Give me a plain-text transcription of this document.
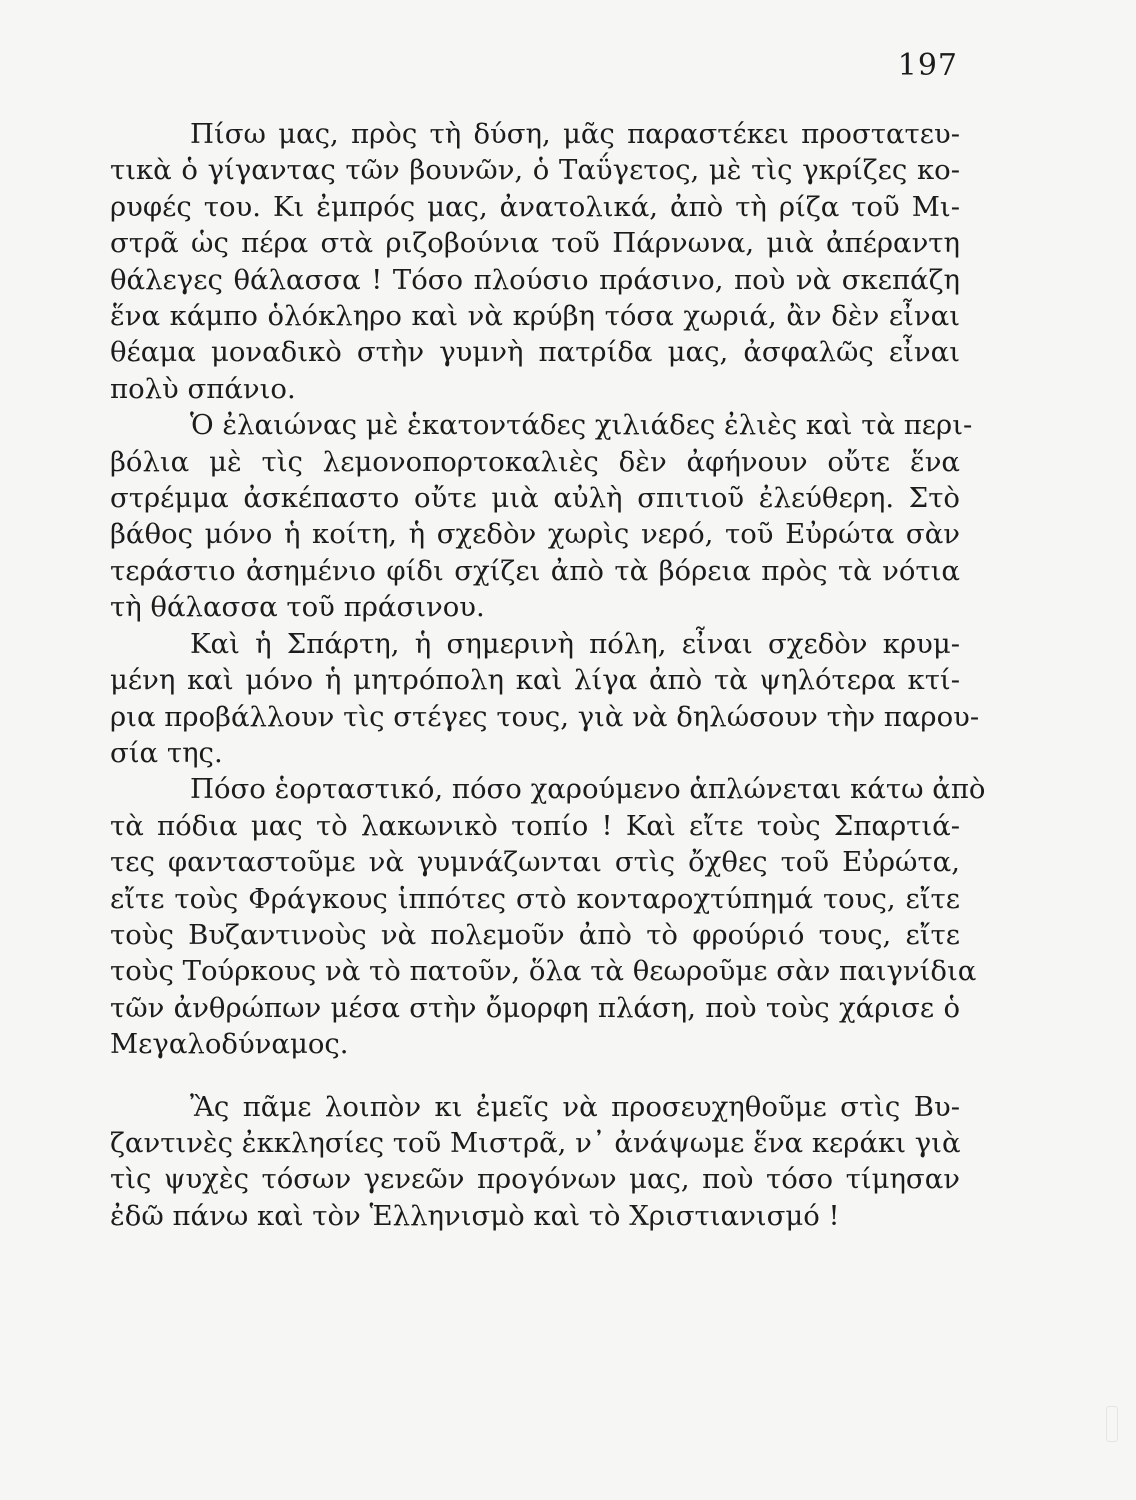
197
Πίσω μας, πρὸς τὴ δύση, μᾶς παραστέκει προστατευ-
τικὰ ὁ γίγαντας τῶν βουνῶν, ὁ Ταΰγετος, μὲ τὶς γκρίζες κο-
ρυφές του. Κι ἐμπρός μας, ἀνατολικά, ἀπὸ τὴ ρίζα τοῦ Μι-
στρᾶ ὡς πέρα στὰ ριζοβούνια τοῦ Πάρνωνα, μιὰ ἀπέραντη
θάλεγες θάλασσα ! Τόσο πλούσιο πράσινο, ποὺ νὰ σκεπάζη
ἕνα κάμπο ὁλόκληρο καὶ νὰ κρύβη τόσα χωριά, ἂν δὲν εἶναι
θέαμα μοναδικὸ στὴν γυμνὴ πατρίδα μας, ἀσφαλῶς εἶναι
πολὺ σπάνιο.
Ὁ ἐλαιώνας μὲ ἑκατοντάδες χιλιάδες ἐλιὲς καὶ τὰ περι-
βόλια μὲ τὶς λεμονοπορτοκαλιὲς δὲν ἀφήνουν οὔτε ἕνα
στρέμμα ἀσκέπαστο οὔτε μιὰ αὐλὴ σπιτιοῦ ἐλεύθερη. Στὸ
βάθος μόνο ἡ κοίτη, ἡ σχεδὸν χωρὶς νερό, τοῦ Εὐρώτα σὰν
τεράστιο ἀσημένιο φίδι σχίζει ἀπὸ τὰ βόρεια πρὸς τὰ νότια
τὴ θάλασσα τοῦ πράσινου.
Καὶ ἡ Σπάρτη, ἡ σημερινὴ πόλη, εἶναι σχεδὸν κρυμ-
μένη καὶ μόνο ἡ μητρόπολη καὶ λίγα ἀπὸ τὰ ψηλότερα κτί-
ρια προβάλλουν τὶς στέγες τους, γιὰ νὰ δηλώσουν τὴν παρου-
σία της.
Πόσο ἑορταστικό, πόσο χαρούμενο ἁπλώνεται κάτω ἀπὸ
τὰ πόδια μας τὸ λακωνικὸ τοπίο ! Καὶ εἴτε τοὺς Σπαρτιά-
τες φανταστοῦμε νὰ γυμνάζωνται στὶς ὄχθες τοῦ Εὐρώτα,
εἴτε τοὺς Φράγκους ἱππότες στὸ κονταροχτύπημά τους, εἴτε
τοὺς Βυζαντινοὺς νὰ πολεμοῦν ἀπὸ τὸ φρούριό τους, εἴτε
τοὺς Τούρκους νὰ τὸ πατοῦν, ὅλα τὰ θεωροῦμε σὰν παιγνίδια
τῶν ἀνθρώπων μέσα στὴν ὄμορφη πλάση, ποὺ τοὺς χάρισε ὁ
Μεγαλοδύναμος.
Ἂς πᾶμε λοιπὸν κι ἐμεῖς νὰ προσευχηθοῦμε στὶς Βυ-
ζαντινὲς ἐκκλησίες τοῦ Μιστρᾶ, ν᾽ ἀνάψωμε ἕνα κεράκι γιὰ
τὶς ψυχὲς τόσων γενεῶν προγόνων μας, ποὺ τόσο τίμησαν
ἐδῶ πάνω καὶ τὸν Ἑλληνισμὸ καὶ τὸ Χριστιανισμό !
